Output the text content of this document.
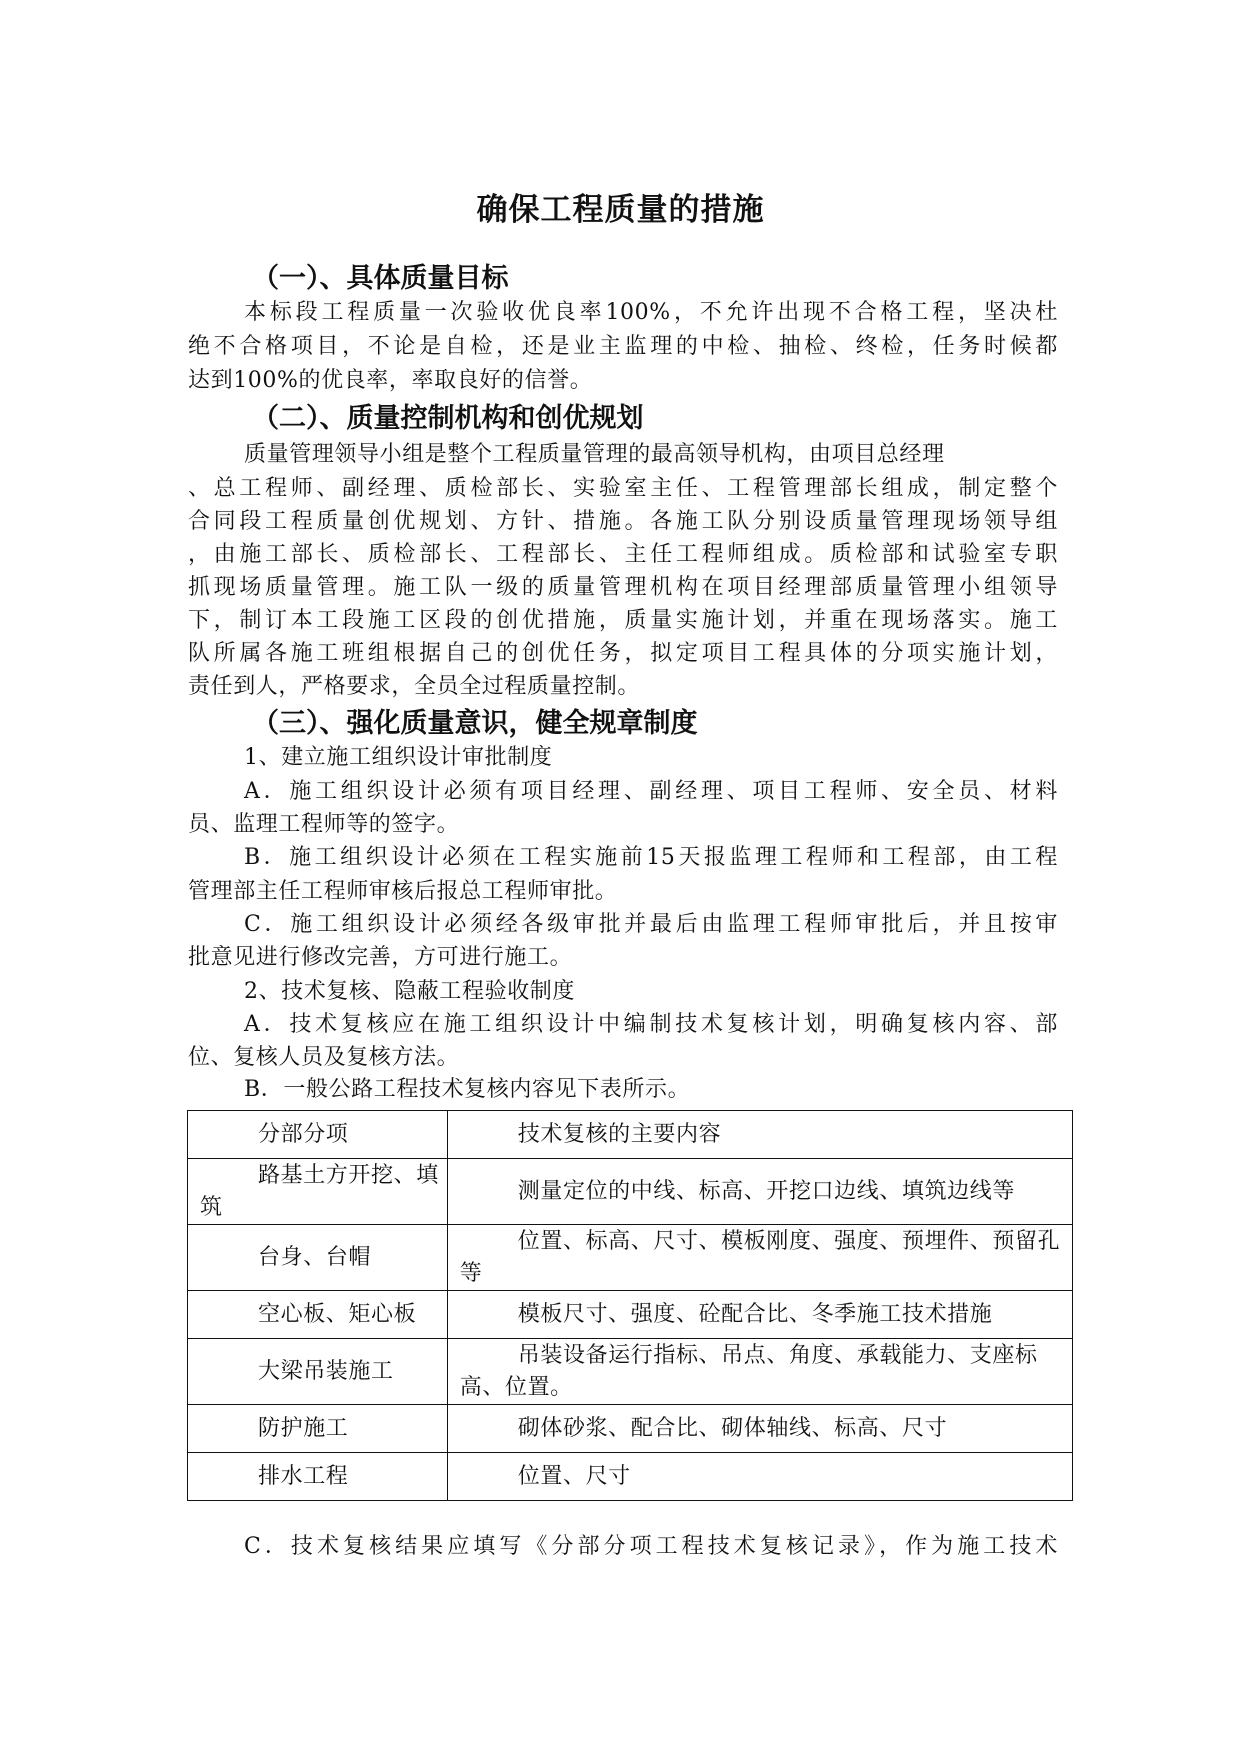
确保工程质量的措施
（一）、具体质量目标
本标段工程质量一次验收优良率100%，不允许出现不合格工程，坚决杜
绝不合格项目，不论是自检，还是业主监理的中检、抽检、终检，任务时候都
达到100%的优良率，率取良好的信誉。
（二）、质量控制机构和创优规划
质量管理领导小组是整个工程质量管理的最高领导机构，由项目总经理
、总工程师、副经理、质检部长、实验室主任、工程管理部长组成，制定整个
合同段工程质量创优规划、方针、措施。各施工队分别设质量管理现场领导组
，由施工部长、质检部长、工程部长、主任工程师组成。质检部和试验室专职
抓现场质量管理。施工队一级的质量管理机构在项目经理部质量管理小组领导
下，制订本工段施工区段的创优措施，质量实施计划，并重在现场落实。施工
队所属各施工班组根据自己的创优任务，拟定项目工程具体的分项实施计划，
责任到人，严格要求，全员全过程质量控制。
（三）、强化质量意识，健全规章制度
1、建立施工组织设计审批制度
A．施工组织设计必须有项目经理、副经理、项目工程师、安全员、材料
员、监理工程师等的签字。
B．施工组织设计必须在工程实施前15天报监理工程师和工程部，由工程
管理部主任工程师审核后报总工程师审批。
C．施工组织设计必须经各级审批并最后由监理工程师审批后，并且按审
批意见进行修改完善，方可进行施工。
2、技术复核、隐蔽工程验收制度
A．技术复核应在施工组织设计中编制技术复核计划，明确复核内容、部
位、复核人员及复核方法。
B．一般公路工程技术复核内容见下表所示。
分部分项	技术复核的主要内容

路基土方开挖、填筑	测量定位的中线、标高、开挖口边线、填筑边线等

台身、台帽	位置、标高、尺寸、模板刚度、强度、预埋件、预留孔等

空心板、矩心板	模板尺寸、强度、砼配合比、冬季施工技术措施

大梁吊装施工	吊装设备运行指标、吊点、角度、承载能力、支座标高、位置。

防护施工	砌体砂浆、配合比、砌体轴线、标高、尺寸

排水工程	位置、尺寸
C．技术复核结果应填写《分部分项工程技术复核记录》，作为施工技术
